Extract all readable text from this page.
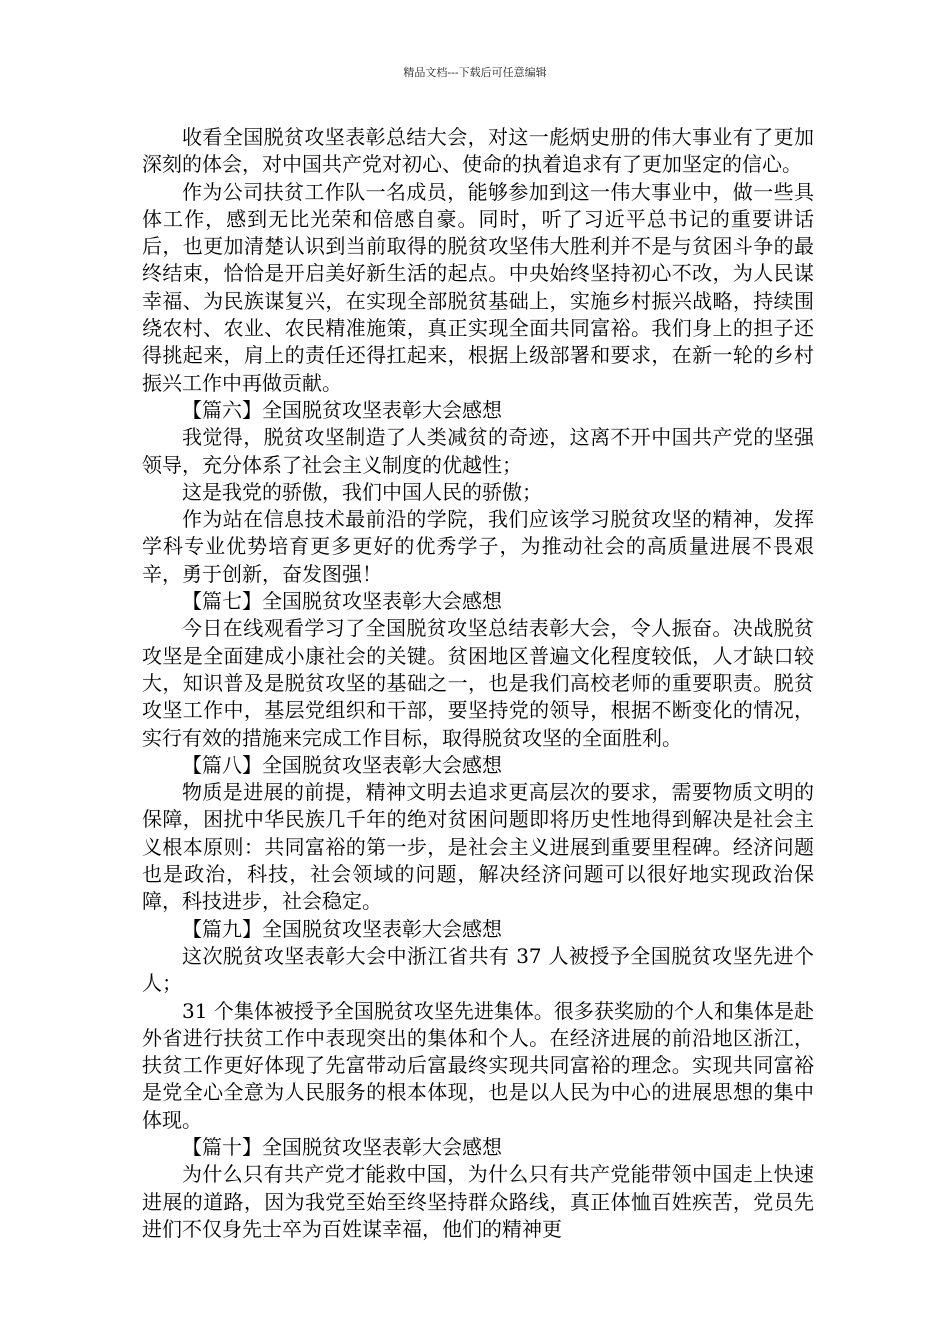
精品文档---下载后可任意编辑

收看全国脱贫攻坚表彰总结大会，对这一彪炳史册的伟大事业有了更加深刻的体会，对中国共产党对初心、使命的执着追求有了更加坚定的信心。

作为公司扶贫工作队一名成员，能够参加到这一伟大事业中，做一些具体工作，感到无比光荣和倍感自豪。同时，听了习近平总书记的重要讲话后，也更加清楚认识到当前取得的脱贫攻坚伟大胜利并不是与贫困斗争的最终结束，恰恰是开启美好新生活的起点。中央始终坚持初心不改，为人民谋幸福、为民族谋复兴，在实现全部脱贫基础上，实施乡村振兴战略，持续围绕农村、农业、农民精准施策，真正实现全面共同富裕。我们身上的担子还得挑起来，肩上的责任还得扛起来，根据上级部署和要求，在新一轮的乡村振兴工作中再做贡献。

【篇六】全国脱贫攻坚表彰大会感想

我觉得，脱贫攻坚制造了人类减贫的奇迹，这离不开中国共产党的坚强领导，充分体系了社会主义制度的优越性；

这是我党的骄傲，我们中国人民的骄傲；

作为站在信息技术最前沿的学院，我们应该学习脱贫攻坚的精神，发挥学科专业优势培育更多更好的优秀学子，为推动社会的高质量进展不畏艰辛，勇于创新，奋发图强！

【篇七】全国脱贫攻坚表彰大会感想

今日在线观看学习了全国脱贫攻坚总结表彰大会，令人振奋。决战脱贫攻坚是全面建成小康社会的关键。贫困地区普遍文化程度较低，人才缺口较大，知识普及是脱贫攻坚的基础之一，也是我们高校老师的重要职责。脱贫攻坚工作中，基层党组织和干部，要坚持党的领导，根据不断变化的情况，实行有效的措施来完成工作目标，取得脱贫攻坚的全面胜利。

【篇八】全国脱贫攻坚表彰大会感想

物质是进展的前提，精神文明去追求更高层次的要求，需要物质文明的保障，困扰中华民族几千年的绝对贫困问题即将历史性地得到解决是社会主义根本原则：共同富裕的第一步，是社会主义进展到重要里程碑。经济问题也是政治，科技，社会领域的问题，解决经济问题可以很好地实现政治保障，科技进步，社会稳定。

【篇九】全国脱贫攻坚表彰大会感想

这次脱贫攻坚表彰大会中浙江省共有 37 人被授予全国脱贫攻坚先进个人；

31 个集体被授予全国脱贫攻坚先进集体。很多获奖励的个人和集体是赴外省进行扶贫工作中表现突出的集体和个人。在经济进展的前沿地区浙江，扶贫工作更好体现了先富带动后富最终实现共同富裕的理念。实现共同富裕是党全心全意为人民服务的根本体现，也是以人民为中心的进展思想的集中体现。

【篇十】全国脱贫攻坚表彰大会感想

为什么只有共产党才能救中国，为什么只有共产党能带领中国走上快速进展的道路，因为我党至始至终坚持群众路线，真正体恤百姓疾苦，党员先进们不仅身先士卒为百姓谋幸福，他们的精神更
